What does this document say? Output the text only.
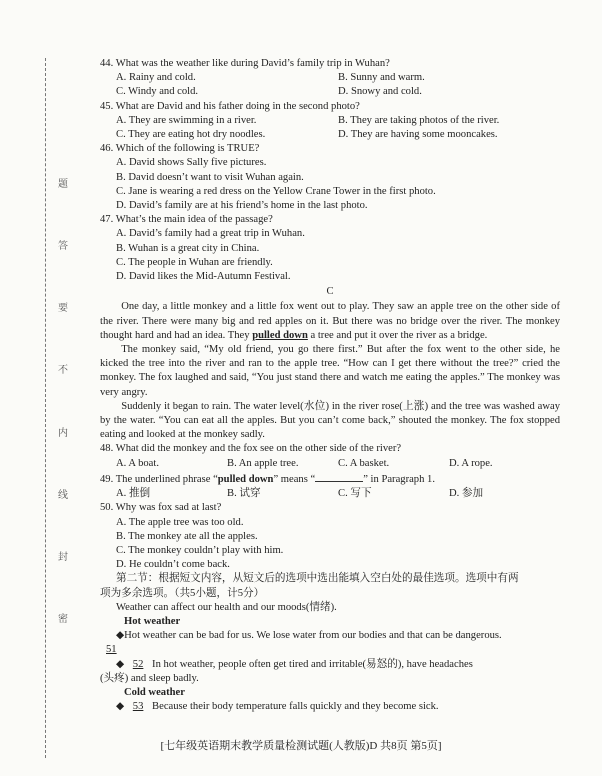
题
答
要
不
内
线
封
密
44. What was the weather like during David’s family trip in Wuhan?
A. Rainy and cold.	B. Sunny and warm.
C. Windy and cold.	D. Snowy and cold.
45. What are David and his father doing in the second photo?
A. They are swimming in a river.	B. They are taking photos of the river.
C. They are eating hot dry noodles.	D. They are having some mooncakes.
46. Which of the following is TRUE?
A. David shows Sally five pictures.
B. David doesn’t want to visit Wuhan again.
C. Jane is wearing a red dress on the Yellow Crane Tower in the first photo.
D. David’s family are at his friend’s home in the last photo.
47. What’s the main idea of the passage?
A. David’s family had a great trip in Wuhan.
B. Wuhan is a great city in China.
C. The people in Wuhan are friendly.
D. David likes the Mid-Autumn Festival.
C

One day, a little monkey and a little fox went out to play. They saw an apple tree on the other side of the river. There were many big and red apples on it. But there was no bridge over the river. The monkey thought hard and had an idea. They pulled down a tree and put it over the river as a bridge.

The monkey said, “My old friend, you go there first.” But after the fox went to the other side, he kicked the tree into the river and ran to the apple tree. “How can I get there without the tree?” cried the monkey. The fox laughed and said, “You just stand there and watch me eating the apples.” The monkey was very angry.

Suddenly it began to rain. The water level(水位) in the river rose(上涨) and the tree was washed away by the water. “You can eat all the apples. But you can’t come back,” shouted the monkey. The fox stopped eating and looked at the monkey sadly.

48. What did the monkey and the fox see on the other side of the river?
A. A boat.	B. An apple tree.	C. A basket.	D. A rope.
49. The underlined phrase “pulled down” means “	” in Paragraph 1.
A. 推倒	B. 试穿	C. 写下	D. 参加
50. Why was fox sad at last?
A. The apple tree was too old.
B. The monkey ate all the apples.
C. The monkey couldn’t play with him.
D. He couldn’t come back.
第二节：根据短文内容，从短文后的选项中选出能填入空白处的最佳选项。选项中有两
项为多余选项。（共5小题，计5分）
Weather can affect our health and our moods(情绪).
Hot weather
◆Hot weather can be bad for us. We lose water from our bodies and that can be dangerous.
51
◆ 52 In hot weather, people often get tired and irritable(易怒的), have headaches
(头疼) and sleep badly.
Cold weather
◆ 53 Because their body temperature falls quickly and they become sick.
[七年级英语期末教学质量检测试题(人教版)D 共8页 第5页]
